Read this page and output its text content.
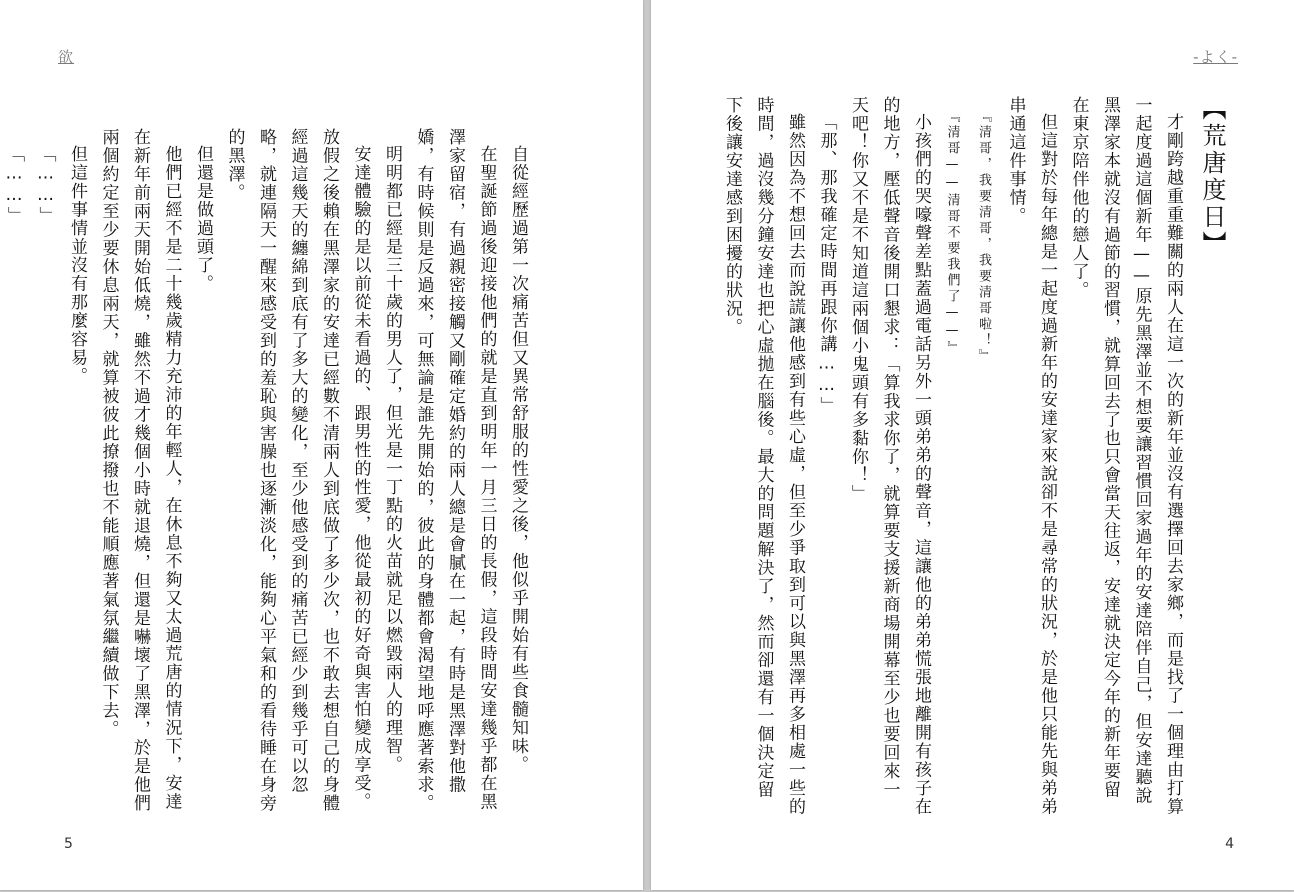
欲

自從經歷過第一次痛苦但又異常舒服的性愛之後，他似乎開始有些食髓知味。

在聖誕節過後迎接他們的就是直到明年一月三日的長假，這段時間安達幾乎都在黑澤家留宿，有過親密接觸又剛確定婚約的兩人總是會膩在一起，有時是黑澤對他撒嬌，有時候則是反過來，可無論是誰先開始的，彼此的身體都會渴望地呼應著索求。

明明都已經是三十歲的男人了，但光是一丁點的火苗就足以燃毀兩人的理智。

安達體驗的是以前從未看過的、跟男性的性愛，他從最初的好奇與害怕變成享受。放假之後賴在黑澤家的安達已經數不清兩人到底做了多少次，也不敢去想自己的身體經過這幾天的纏綿到底有了多大的變化，至少他感受到的痛苦已經少到幾乎可以忽略，就連隔天一醒來感受到的羞恥與害臊也逐漸淡化，能夠心平氣和的看待睡在身旁的黑澤。

但還是做過頭了。

他們已經不是二十幾歲精力充沛的年輕人，在休息不夠又太過荒唐的情況下，安達在新年前兩天開始低燒，雖然不過才幾個小時就退燒，但還是嚇壞了黑澤，於是他們兩個約定至少要休息兩天，就算被彼此撩撥也不能順應著氣氛繼續做下去。

但這件事情並沒有那麼容易。

「……」

「……」

5
-よく-

【荒唐度日】

才剛跨越重重難關的兩人在這一次的新年並沒有選擇回去家鄉，而是找了一個理由打算一起度過這個新年——原先黑澤並不想要讓習慣回家過年的安達陪伴自己，但安達聽說黑澤家本就沒有過節的習慣，就算回去了也只會當天往返，安達就決定今年的新年要留在東京陪伴他的戀人了。

但這對於每年總是一起度過新年的安達家來說卻不是尋常的狀況，於是他只能先與弟弟串通這件事情。

『清哥，我要清哥，我要清哥啦！』

『清哥——清哥不要我們了——』

小孩們的哭嚎聲差點蓋過電話另外一頭弟弟的聲音，這讓他的弟弟慌張地離開有孩子在的地方，壓低聲音後開口懇求：「算我求你了，就算要支援新商場開幕至少也要回來一天吧！你又不是不知道這兩個小鬼頭有多黏你！」

「那、那我確定時間再跟你講……」

雖然因為不想回去而說謊讓他感到有些心虛，但至少爭取到可以與黑澤再多相處一些的時間，過沒幾分鐘安達也把心虛拋在腦後。最大的問題解決了，然而卻還有一個決定留下後讓安達感到困擾的狀況。

4
